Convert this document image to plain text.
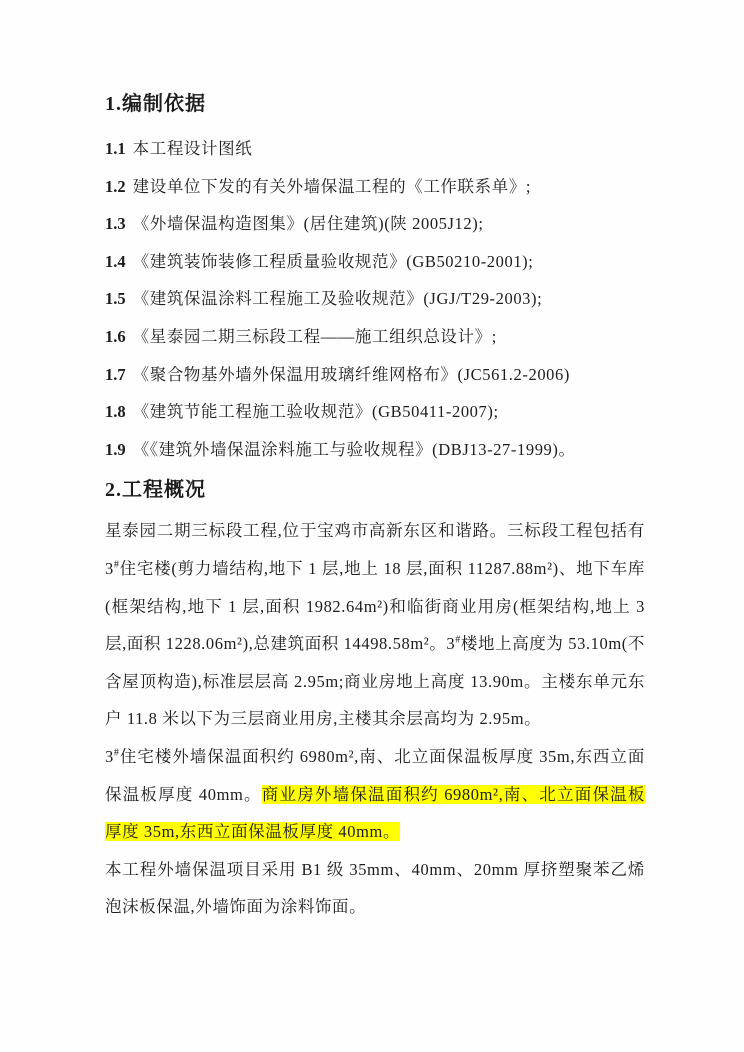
1.编制依据
1.1 本工程设计图纸
1.2 建设单位下发的有关外墙保温工程的《工作联系单》;
1.3 《外墙保温构造图集》(居住建筑)(陕 2005J12);
1.4 《建筑装饰装修工程质量验收规范》(GB50210-2001);
1.5 《建筑保温涂料工程施工及验收规范》(JGJ/T29-2003);
1.6 《星泰园二期三标段工程——施工组织总设计》;
1.7 《聚合物基外墙外保温用玻璃纤维网格布》(JC561.2-2006)
1.8 《建筑节能工程施工验收规范》(GB50411-2007);
1.9 《《建筑外墙保温涂料施工与验收规程》(DBJ13-27-1999)。
2.工程概况

星泰园二期三标段工程,位于宝鸡市高新东区和谐路。三标段工程包括有 3#住宅楼(剪力墙结构,地下 1 层,地上 18 层,面积 11287.88m²)、地下车库(框架结构,地下 1 层,面积 1982.64m²)和临街商业用房(框架结构,地上 3 层,面积 1228.06m²),总建筑面积 14498.58m²。3#楼地上高度为 53.10m(不含屋顶构造),标准层层高 2.95m;商业房地上高度 13.90m。主楼东单元东户 11.8 米以下为三层商业用房,主楼其余层高均为 2.95m。

3#住宅楼外墙保温面积约 6980m²,南、北立面保温板厚度 35m,东西立面保温板厚度 40mm。商业房外墙保温面积约 6980m²,南、北立面保温板厚度 35m,东西立面保温板厚度 40mm。

本工程外墙保温项目采用 B1 级 35mm、40mm、20mm 厚挤塑聚苯乙烯泡沫板保温,外墙饰面为涂料饰面。
